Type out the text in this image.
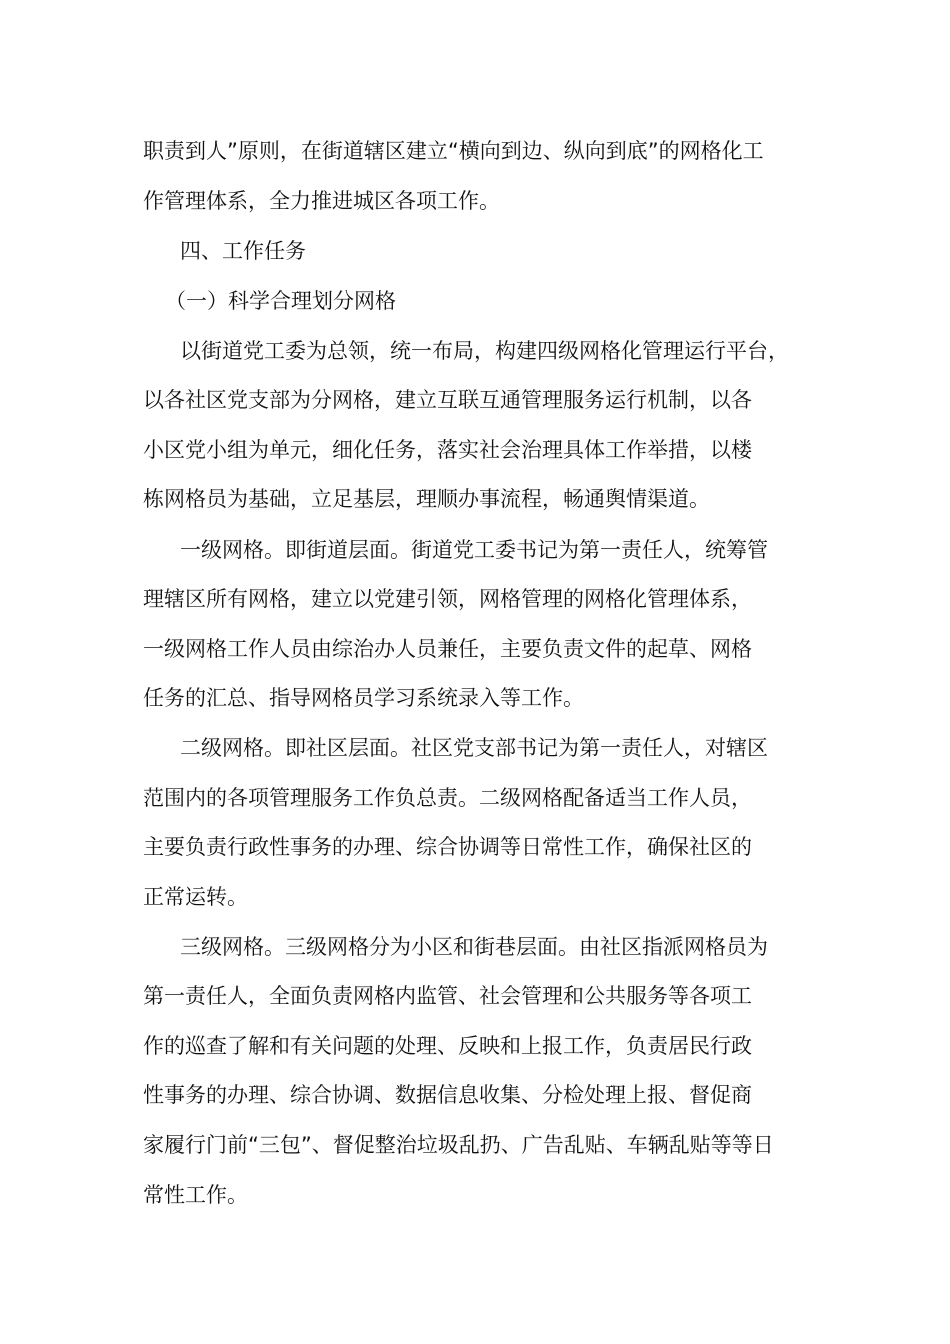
职责到人”原则，在街道辖区建立“横向到边、纵向到底”的网格化工
作管理体系，全力推进城区各项工作。
四、工作任务
（一）科学合理划分网格
以街道党工委为总领，统一布局，构建四级网格化管理运行平台，
以各社区党支部为分网格，建立互联互通管理服务运行机制，以各
小区党小组为单元，细化任务，落实社会治理具体工作举措，以楼
栋网格员为基础，立足基层，理顺办事流程，畅通舆情渠道。
一级网格。即街道层面。街道党工委书记为第一责任人，统筹管
理辖区所有网格，建立以党建引领，网格管理的网格化管理体系，
一级网格工作人员由综治办人员兼任，主要负责文件的起草、网格
任务的汇总、指导网格员学习系统录入等工作。
二级网格。即社区层面。社区党支部书记为第一责任人，对辖区
范围内的各项管理服务工作负总责。二级网格配备适当工作人员，
主要负责行政性事务的办理、综合协调等日常性工作，确保社区的
正常运转。
三级网格。三级网格分为小区和街巷层面。由社区指派网格员为
第一责任人，全面负责网格内监管、社会管理和公共服务等各项工
作的巡查了解和有关问题的处理、反映和上报工作，负责居民行政
性事务的办理、综合协调、数据信息收集、分检处理上报、督促商
家履行门前“三包”、督促整治垃圾乱扔、广告乱贴、车辆乱贴等等日
常性工作。
